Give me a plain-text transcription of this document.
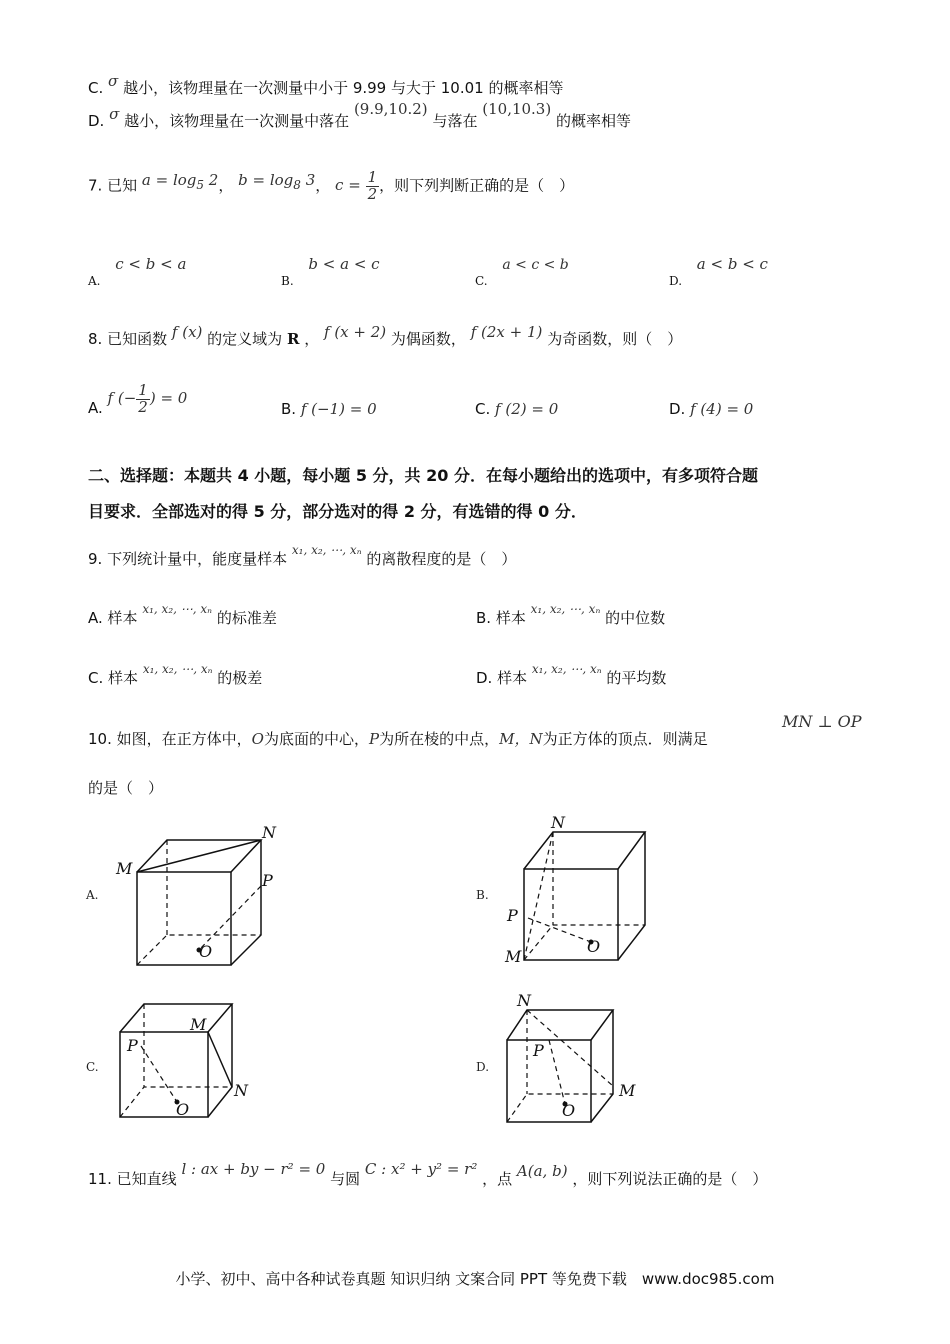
C. σ 越小，该物理量在一次测量中小于 9.99 与大于 10.01 的概率相等
D. σ 越小，该物理量在一次测量中落在 (9.9,10.2) 与落在 (10,10.3) 的概率相等
7. 已知 $a = \log_5 2$， $b = \log_8 3$， $c = \frac{1}{2}$ ，则下列判断正确的是（　）
$_{A.}$ c < b < a
$_{B.}$ b < a < c
$_{C.}$ a < c < b
$_{D.}$ a < b < c
8. 已知函数 f (x) 的定义域为 R ， f (x + 2) 为偶函数， f (2x + 1) 为奇函数，则（　）
A. f (− $\frac{1}{2}$ ) = 0
B. f (−1) = 0	C. f (2) = 0	D. f (4) = 0
二、选择题：本题共 4 小题，每小题 5 分，共 20 分．在每小题给出的选项中，有多项符合题
目要求．全部选对的得 5 分，部分选对的得 2 分，有选错的得 0 分．
9. 下列统计量中，能度量样本 $^{x_1, x_2, \cdots, x_n}$ 的离散程度的是（　）
A. 样本 $^{x_1, x_2, \cdots, x_n}$ 的标准差	B. 样本 $^{x_1, x_2, \cdots, x_n}$ 的中位数
C. 样本 $^{x_1, x_2, \cdots, x_n}$ 的极差	D. 样本 $^{x_1, x_2, \cdots, x_n}$ 的平均数
10. 如图，在正方体中，O为底面的中心，P为所在棱的中点，M，N为正方体的顶点．则满足
MN ⊥ OP
的是（　）
A.
M
N
P
O
B.
N
P
M
O
C.
M
N
P
O
D.
N
P
M
O
11. 已知直线 l : ax + by − r² = 0 与圆 C : x² + y² = r² ，点 A(a, b) ，则下列说法正确的是（　）
小学、初中、高中各种试卷真题 知识归纳 文案合同 PPT 等免费下载　www.doc985.com
